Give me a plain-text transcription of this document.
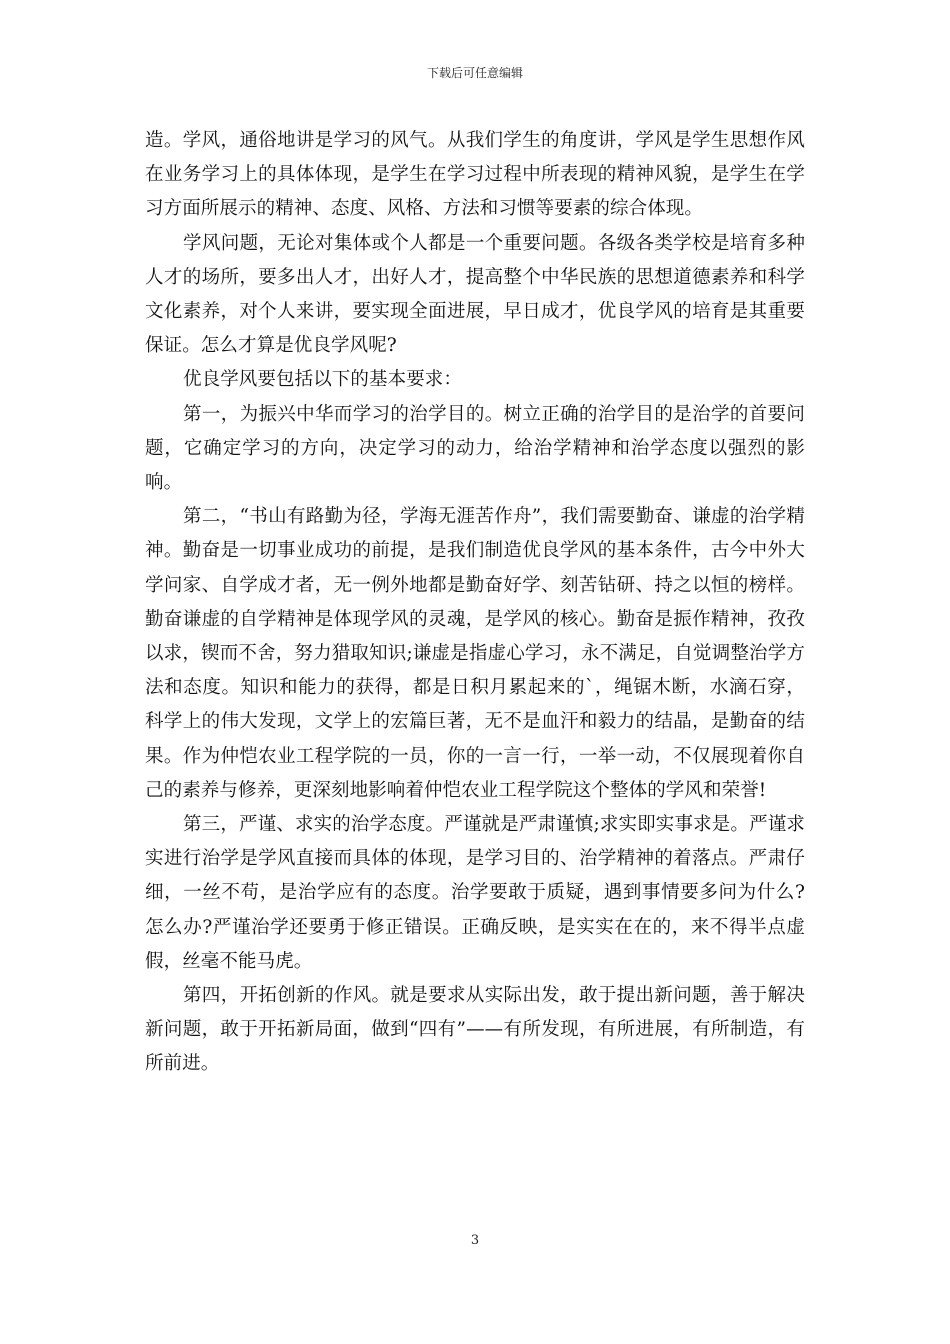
下载后可任意编辑

造。学风，通俗地讲是学习的风气。从我们学生的角度讲，学风是学生思想作风在业务学习上的具体体现，是学生在学习过程中所表现的精神风貌，是学生在学习方面所展示的精神、态度、风格、方法和习惯等要素的综合体现。

学风问题，无论对集体或个人都是一个重要问题。各级各类学校是培育多种人才的场所，要多出人才，出好人才，提高整个中华民族的思想道德素养和科学文化素养，对个人来讲，要实现全面进展，早日成才，优良学风的培育是其重要保证。怎么才算是优良学风呢?

优良学风要包括以下的基本要求：

第一，为振兴中华而学习的治学目的。树立正确的治学目的是治学的首要问题，它确定学习的方向，决定学习的动力，给治学精神和治学态度以强烈的影响。

第二，“书山有路勤为径，学海无涯苦作舟”，我们需要勤奋、谦虚的治学精神。勤奋是一切事业成功的前提，是我们制造优良学风的基本条件，古今中外大学问家、自学成才者，无一例外地都是勤奋好学、刻苦钻研、持之以恒的榜样。勤奋谦虚的自学精神是体现学风的灵魂，是学风的核心。勤奋是振作精神，孜孜以求，锲而不舍，努力猎取知识;谦虚是指虚心学习，永不满足，自觉调整治学方法和态度。知识和能力的获得，都是日积月累起来的`，绳锯木断，水滴石穿，科学上的伟大发现，文学上的宏篇巨著，无不是血汗和毅力的结晶，是勤奋的结果。作为仲恺农业工程学院的一员，你的一言一行，一举一动，不仅展现着你自己的素养与修养，更深刻地影响着仲恺农业工程学院这个整体的学风和荣誉!

第三，严谨、求实的治学态度。严谨就是严肃谨慎;求实即实事求是。严谨求实进行治学是学风直接而具体的体现，是学习目的、治学精神的着落点。严肃仔细，一丝不苟，是治学应有的态度。治学要敢于质疑，遇到事情要多问为什么?怎么办?严谨治学还要勇于修正错误。正确反映，是实实在在的，来不得半点虚假，丝毫不能马虎。

第四，开拓创新的作风。就是要求从实际出发，敢于提出新问题，善于解决新问题，敢于开拓新局面，做到“四有”——有所发现，有所进展，有所制造，有所前进。

3
